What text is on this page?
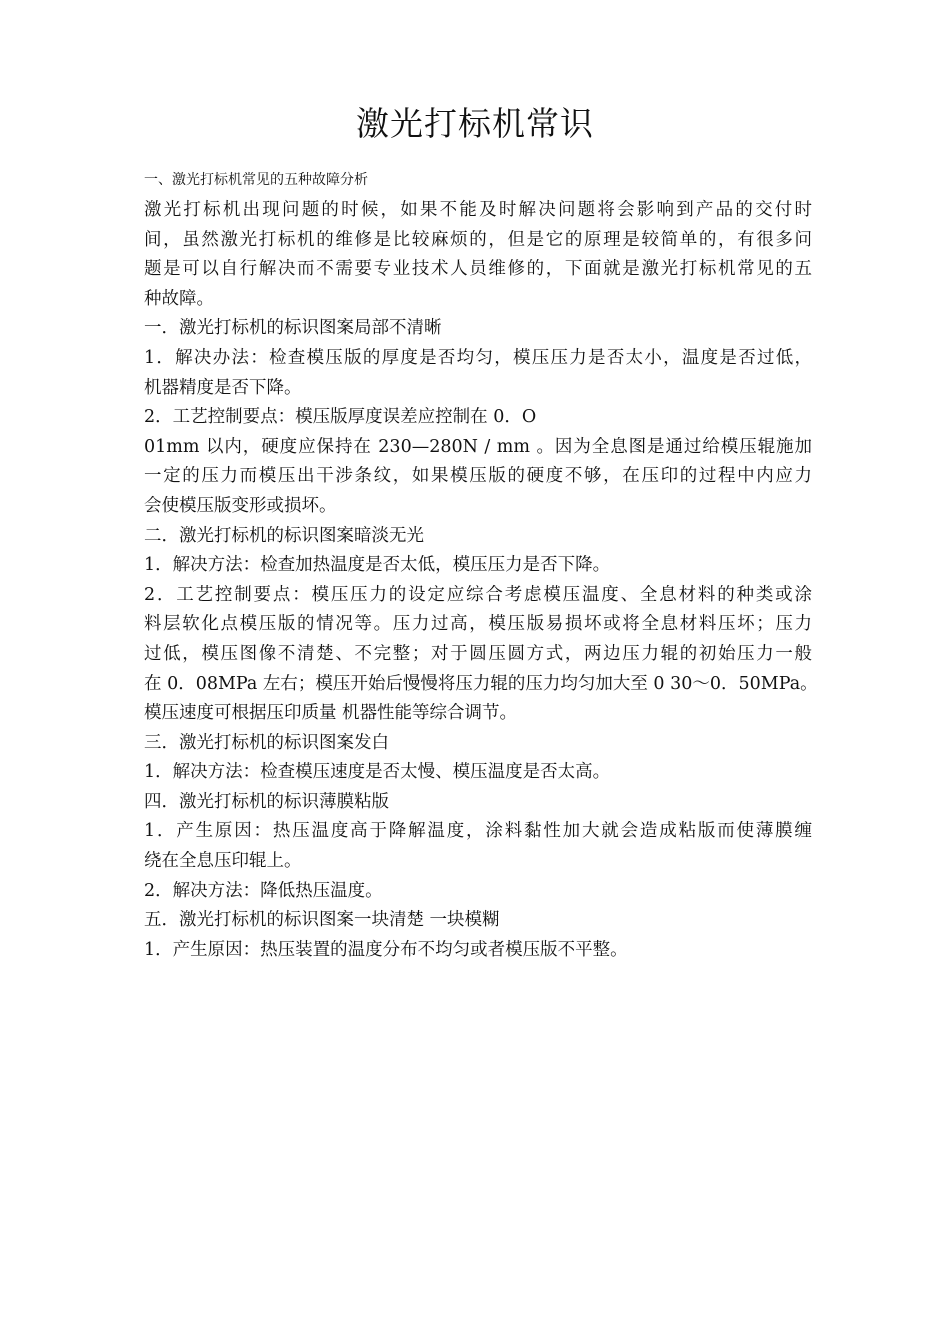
激光打标机常识
一、激光打标机常见的五种故障分析
激光打标机出现问题的时候，如果不能及时解决问题将会影响到产品的交付时
间，虽然激光打标机的维修是比较麻烦的，但是它的原理是较简单的，有很多问
题是可以自行解决而不需要专业技术人员维修的，下面就是激光打标机常见的五
种故障。
一．激光打标机的标识图案局部不清晰
1．解决办法：检查模压版的厚度是否均匀，模压压力是否太小，温度是否过低，
机器精度是否下降。
2．工艺控制要点：模压版厚度误差应控制在 0．O
01mm 以内，硬度应保持在 230—280N / mm 。因为全息图是通过给模压辊施加
一定的压力而模压出干涉条纹，如果模压版的硬度不够，在压印的过程中内应力
会使模压版变形或损坏。
二．激光打标机的标识图案暗淡无光
1．解决方法：检查加热温度是否太低，模压压力是否下降。
2．工艺控制要点：模压压力的设定应综合考虑模压温度、全息材料的种类或涂
料层软化点模压版的情况等。压力过高，模压版易损坏或将全息材料压坏；压力
过低，模压图像不清楚、不完整；对于圆压圆方式，两边压力辊的初始压力一般
在 0．08MPa 左右；模压开始后慢慢将压力辊的压力均匀加大至 0 30～0．50MPa。
模压速度可根据压印质量 机器性能等综合调节。
三．激光打标机的标识图案发白
1．解决方法：检查模压速度是否太慢、模压温度是否太高。
四．激光打标机的标识薄膜粘版
1．产生原因：热压温度高于降解温度，涂料黏性加大就会造成粘版而使薄膜缠
绕在全息压印辊上。
2．解决方法：降低热压温度。
五．激光打标机的标识图案一块清楚 一块模糊
1．产生原因：热压装置的温度分布不均匀或者模压版不平整。
